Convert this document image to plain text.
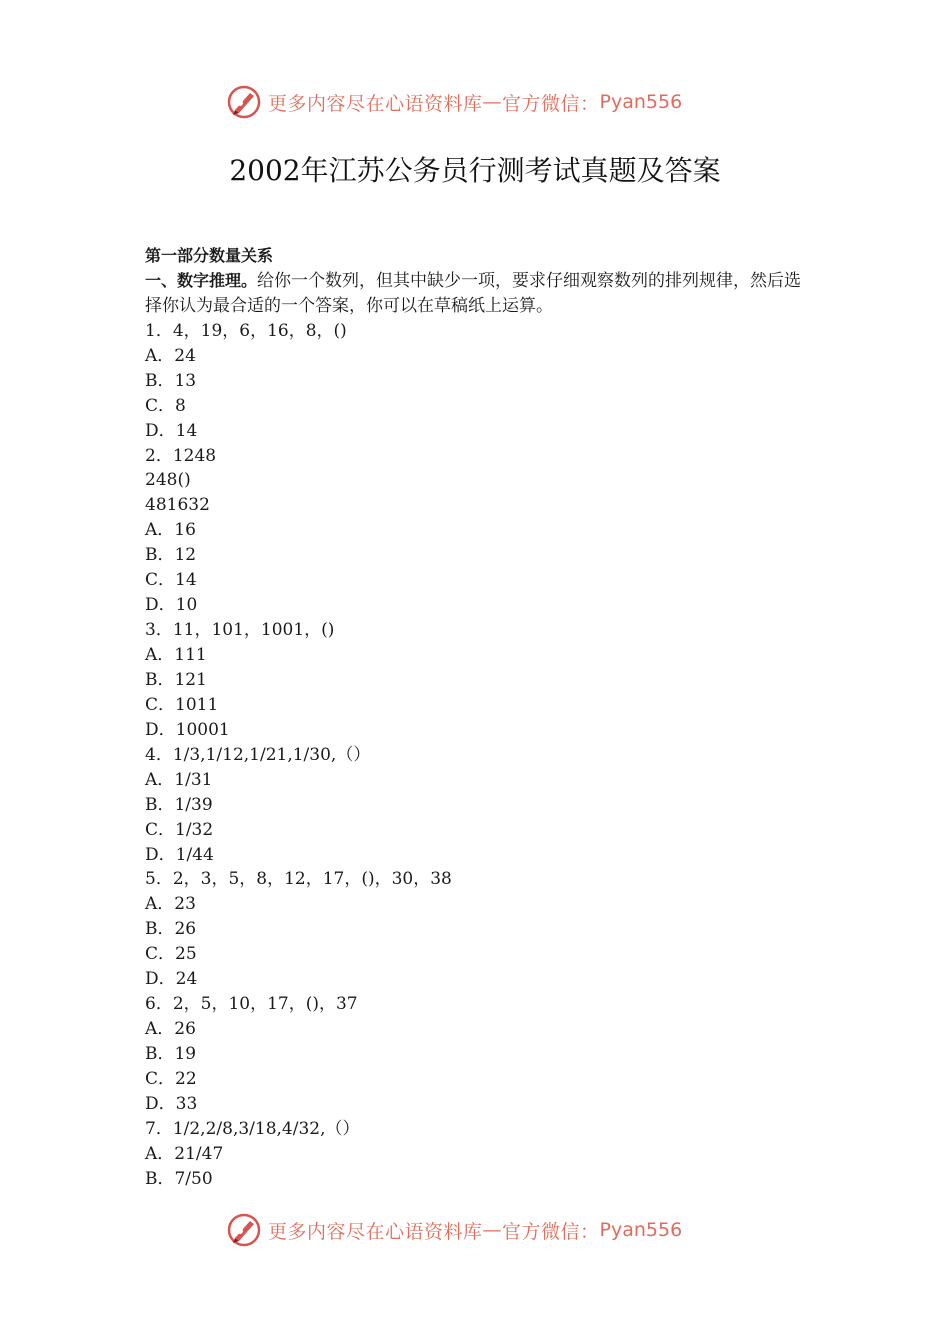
更多内容尽在心语资料库 — 官方微信： Pyan556
2002年江苏公务员行测考试真题及答案
第一部分数量关系
一、数字推理。给你一个数列，但其中缺少一项，要求仔细观察数列的排列规律，然后选择你认为最合适的一个答案，你可以在草稿纸上运算。
1．4，19，6，16，8，()
A．24
B．13
C．8
D．14
2．1248
248()
481632
A．16
B．12
C．14
D．10
3．11，101，1001，()
A．111
B．121
C．1011
D．10001
4．1/3,1/12,1/21,1/30,（）
A．1/31
B．1/39
C．1/32
D．1/44
5．2，3，5，8，12，17，()，30，38
A．23
B．26
C．25
D．24
6．2，5，10，17，()，37
A．26
B．19
C．22
D．33
7．1/2,2/8,3/18,4/32,（）
A．21/47
B．7/50
更多内容尽在心语资料库 — 官方微信： Pyan556
